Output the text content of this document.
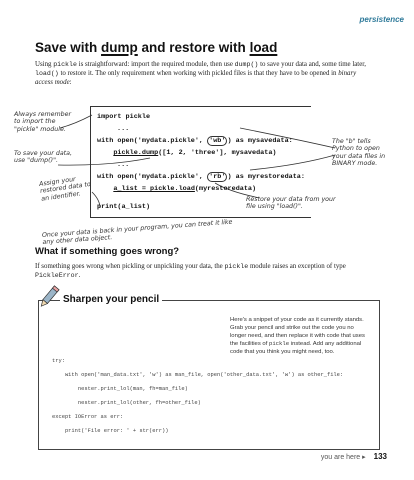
persistence
Save with dump and restore with load
Using pickle is straightforward: import the required module, then use dump() to save your data and, some time later, load() to restore it. The only requirement when working with pickled files is that they have to be opened in binary access mode:
Always remember to import the "pickle" module.
To save your data, use "dump()".
Assign your restored data to an identifier.
The "b" tells Python to open your data files in BINARY mode.
Restore your data from your file using "load()".
Once your data is back in your program, you can treat it like any other data object.
import pickle
...
with open('mydata.pickle', 'wb' ) as mysavedata:
pickle.dump([1, 2, 'three'], mysavedata)
...
with open('mydata.pickle', 'rb' ) as myrestoredata:
a_list = pickle.load(myrestoredata)
print(a_list)
What if something goes wrong?
If something goes wrong when pickling or unpickling your data, the pickle module raises an exception of type PickleError.
Sharpen your pencil
Here's a snippet of your code as it currently stands. Grab your pencil and strike out the code you no longer need, and then replace it with code that uses the facilities of pickle instead. Add any additional code that you think you might need, too.
try:
with open('man_data.txt', 'w') as man_file, open('other_data.txt', 'w') as other_file:
nester.print_lol(man, fh=man_file)
nester.print_lol(other, fh=other_file)
except IOError as err:
print('File error: ' + str(err))
you are here ▸ 133
